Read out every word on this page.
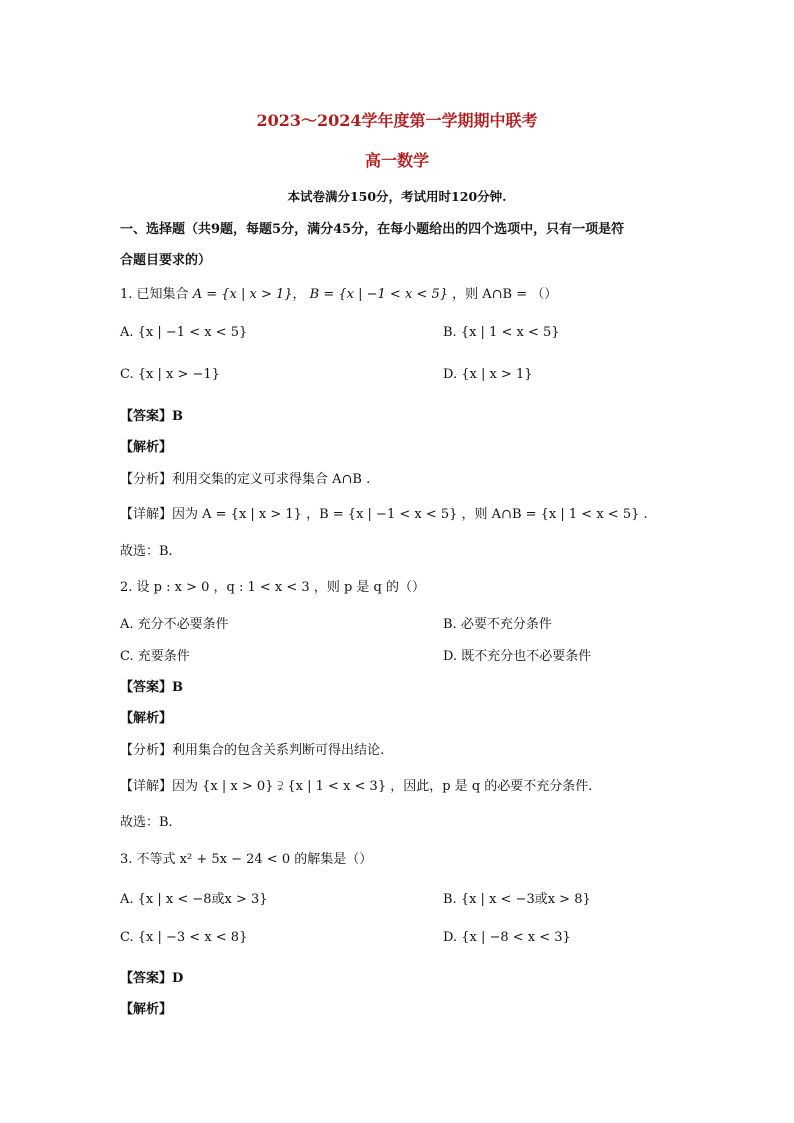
2023～2024学年度第一学期期中联考
高一数学
本试卷满分150分，考试用时120分钟.
一、选择题（共9题，每题5分，满分45分，在每小题给出的四个选项中，只有一项是符
合题目要求的）
1. 已知集合 A = {x | x > 1}， B = {x | −1 < x < 5} ，则 A∩B = （）
A. {x | −1 < x < 5}	B. {x | 1 < x < 5}
C. {x | x > −1}	D. {x | x > 1}
【答案】B
【解析】
【分析】利用交集的定义可求得集合 A∩B .
【详解】因为 A = {x | x > 1} ，B = {x | −1 < x < 5} ，则 A∩B = {x | 1 < x < 5} .
故选：B.
2. 设 p : x > 0 ，q : 1 < x < 3 ，则 p 是 q 的（）
A. 充分不必要条件	B. 必要不充分条件
C. 充要条件	D. 既不充分也不必要条件
【答案】B
【解析】
【分析】利用集合的包含关系判断可得出结论.
【详解】因为 {x | x > 0} ⫌ {x | 1 < x < 3} ，因此，p 是 q 的必要不充分条件.
故选：B.
3. 不等式 x² + 5x − 24 < 0 的解集是（）
A. {x | x < −8或x > 3}	B. {x | x < −3或x > 8}
C. {x | −3 < x < 8}	D. {x | −8 < x < 3}
【答案】D
【解析】
